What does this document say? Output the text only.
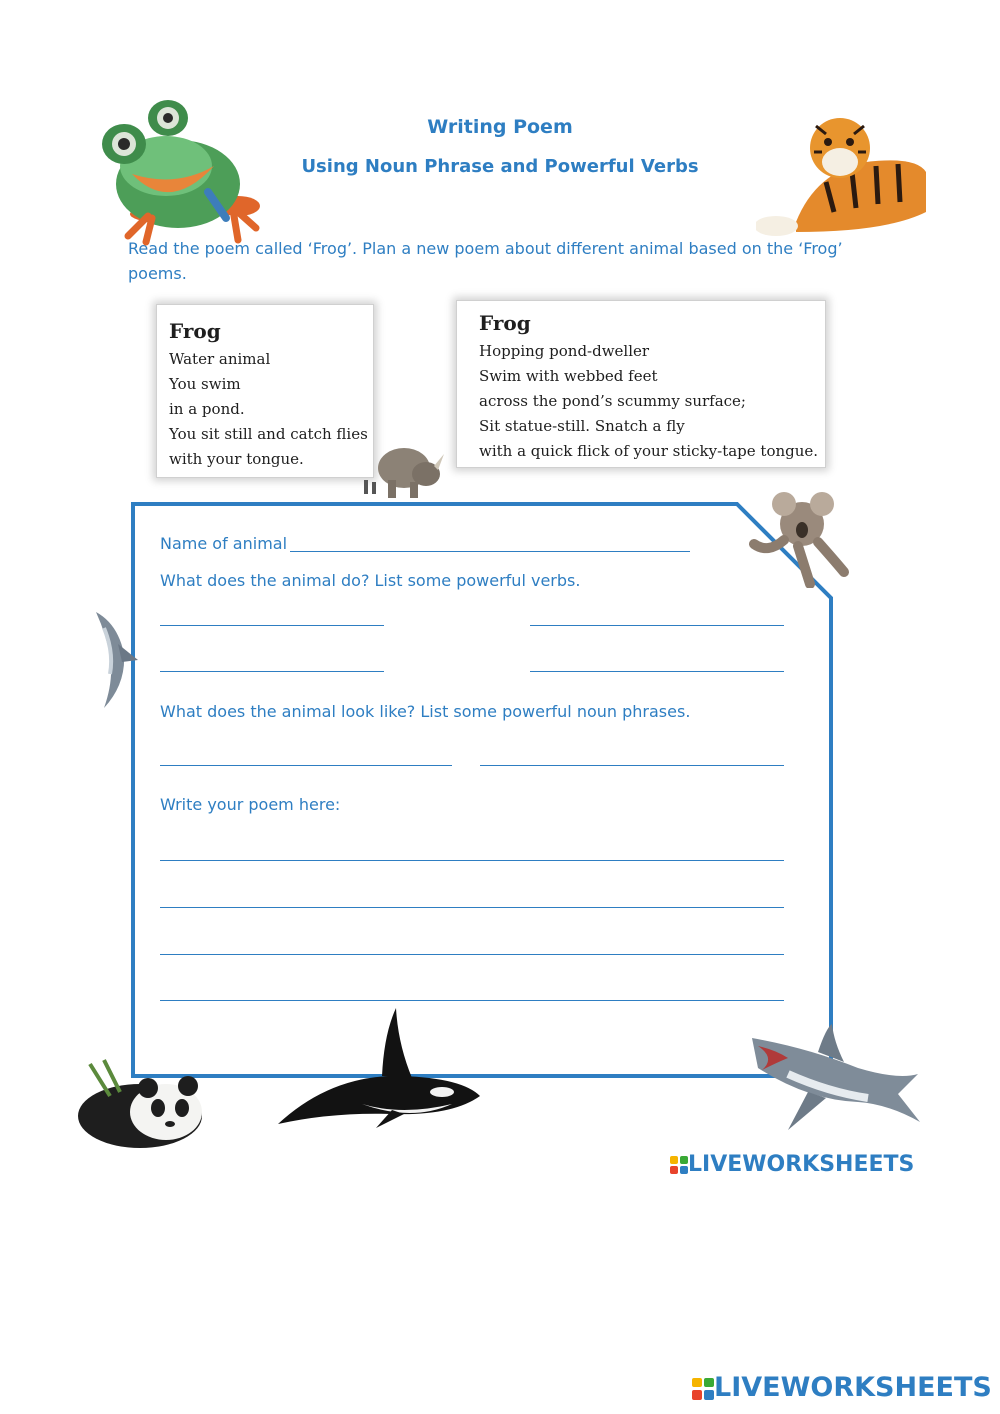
Writing Poem
Using Noun Phrase and Powerful Verbs
Read the poem called ‘Frog’. Plan a new poem about different animal based on the ‘Frog’ poems.
Frog
Water animal
You swim
in a pond.
You sit still and catch flies
with your tongue.
Frog
Hopping pond-dweller
Swim with webbed feet
across the pond’s scummy surface;
Sit statue-still. Snatch a fly
with a quick flick of your sticky-tape tongue.
Name of animal
What does the animal do? List some powerful verbs.
What does the animal look like? List some powerful noun phrases.
Write your poem here:
LIVEWORKSHEETS
LIVEWORKSHEETS
